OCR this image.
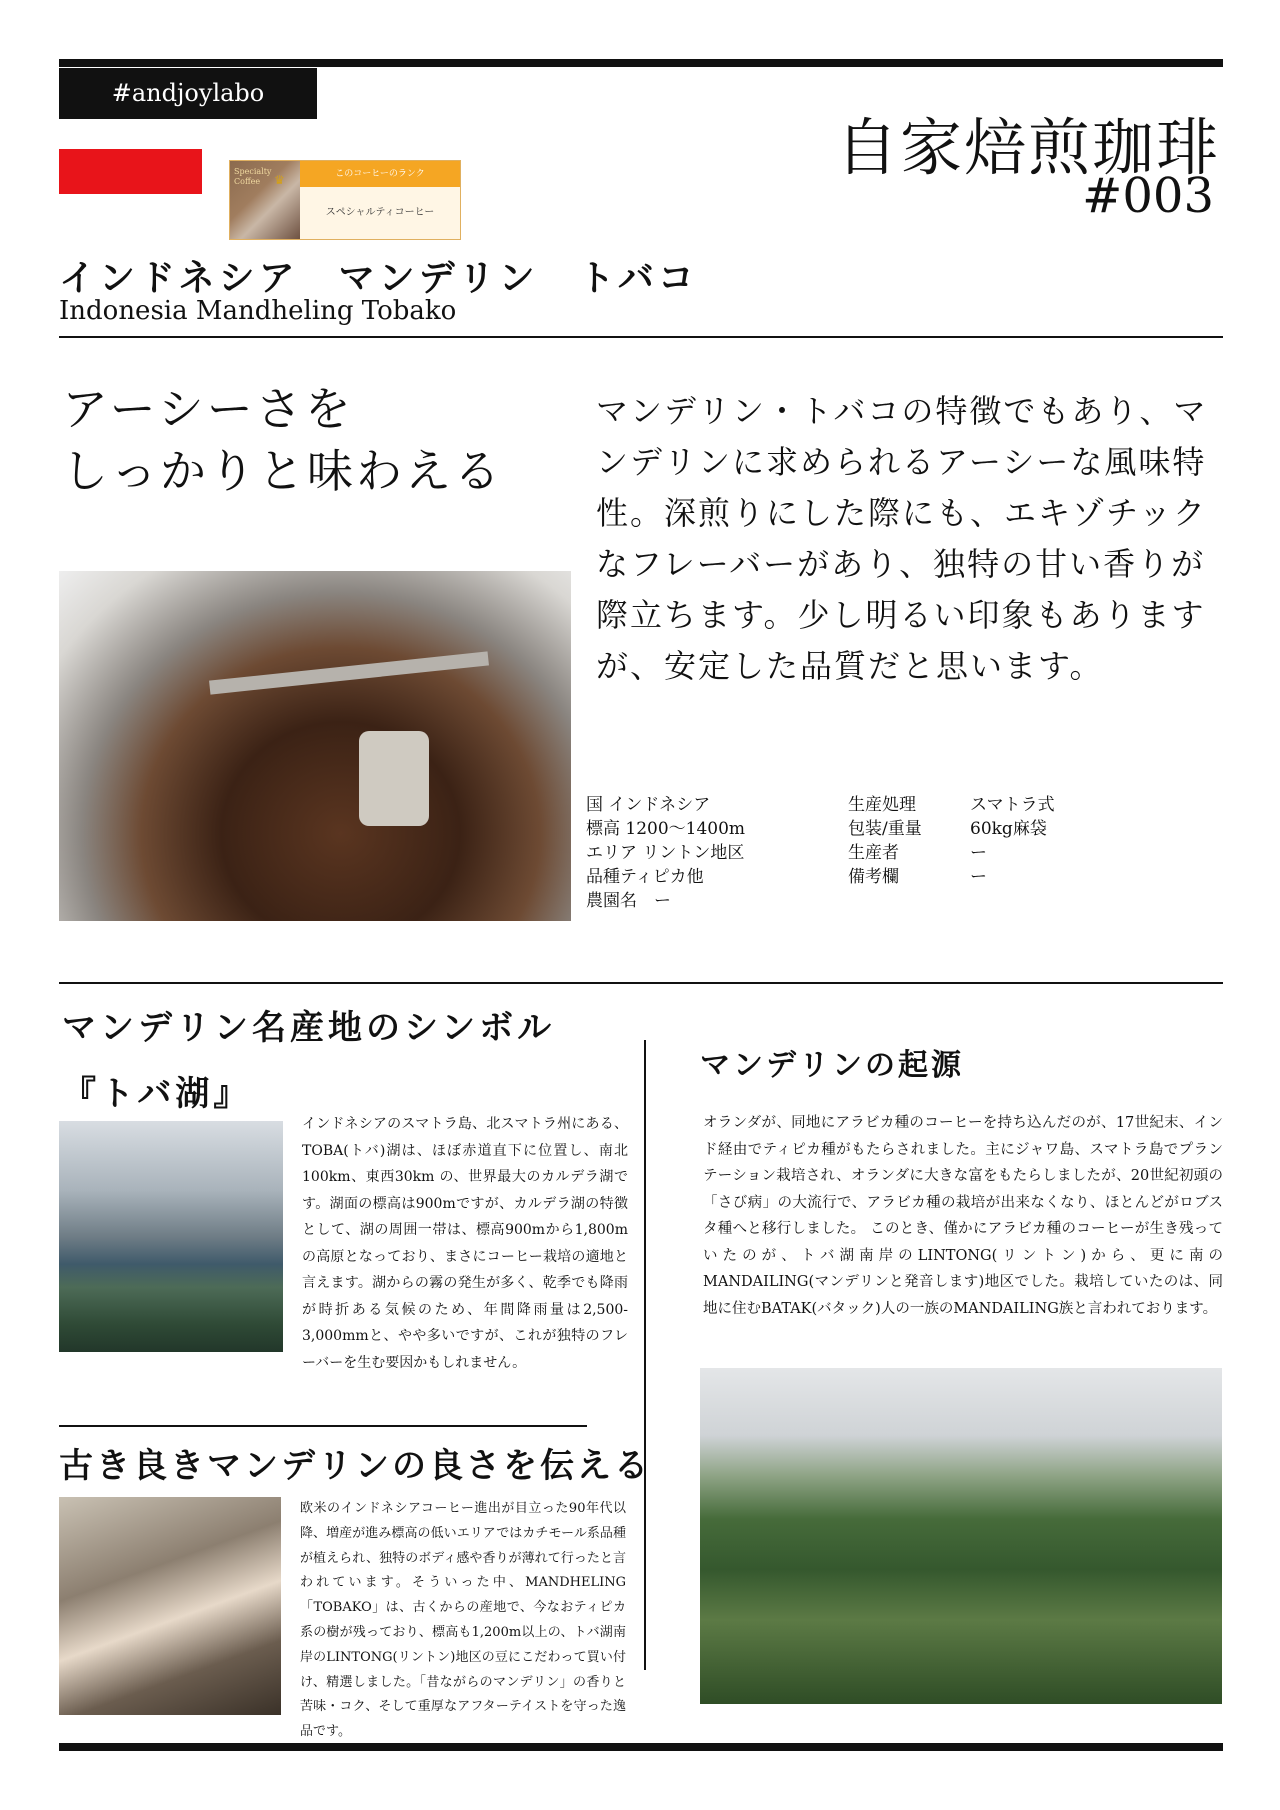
#andjoylabo
Specialty Coffee ♛	このコーヒーのランク
スペシャルティコーヒー
自家焙煎珈琲
#003
インドネシア　マンデリン　トバコ
Indonesia Mandheling Tobako
アーシーさを
しっかりと味わえる
マンデリン・トバコの特徴でもあり、マンデリンに求められるアーシーな風味特性。深煎りにした際にも、エキゾチックなフレーバーがあり、独特の甘い香りが際立ちます。少し明るい印象もありますが、安定した品質だと思います。
国 インドネシア
標高 1200〜1400m
エリア リントン地区
品種ティピカ他
農園名　ー
生産処理
包装/重量
生産者
備考欄
スマトラ式
60kg麻袋
ー
ー
マンデリン名産地のシンボル
『トバ湖』
インドネシアのスマトラ島、北スマトラ州にある、TOBA(トバ)湖は、ほぼ赤道直下に位置し、南北100km、東西30km の、世界最大のカルデラ湖です。湖面の標高は900mですが、カルデラ湖の特徴として、湖の周囲一帯は、標高900mから1,800mの高原となっており、まさにコーヒー栽培の適地と言えます。湖からの霧の発生が多く、乾季でも降雨が時折ある気候のため、年間降雨量は2,500-3,000mmと、やや多いですが、これが独特のフレーバーを生む要因かもしれません。
古き良きマンデリンの良さを伝える
欧米のインドネシアコーヒー進出が目立った90年代以降、増産が進み標高の低いエリアではカチモール系品種が植えられ、独特のボディ感や香りが薄れて行ったと言われています。そういった中、MANDHELING「TOBAKO」は、古くからの産地で、今なおティピカ系の樹が残っており、標高も1,200m以上の、トバ湖南岸のLINTONG(リントン)地区の豆にこだわって買い付け、精選しました。「昔ながらのマンデリン」の香りと苦味・コク、そして重厚なアフターテイストを守った逸品です。
マンデリンの起源
オランダが、同地にアラビカ種のコーヒーを持ち込んだのが、17世紀末、インド経由でティピカ種がもたらされました。主にジャワ島、スマトラ島でプランテーション栽培され、オランダに大きな富をもたらしましたが、20世紀初頭の「さび病」の大流行で、アラビカ種の栽培が出来なくなり、ほとんどがロブスタ種へと移行しました。 このとき、僅かにアラビカ種のコーヒーが生き残っていたのが、トバ湖南岸のLINTONG(リントン)から、更に南のMANDAILING(マンデリンと発音します)地区でした。栽培していたのは、同地に住むBATAK(バタック)人の一族のMANDAILING族と言われております。
